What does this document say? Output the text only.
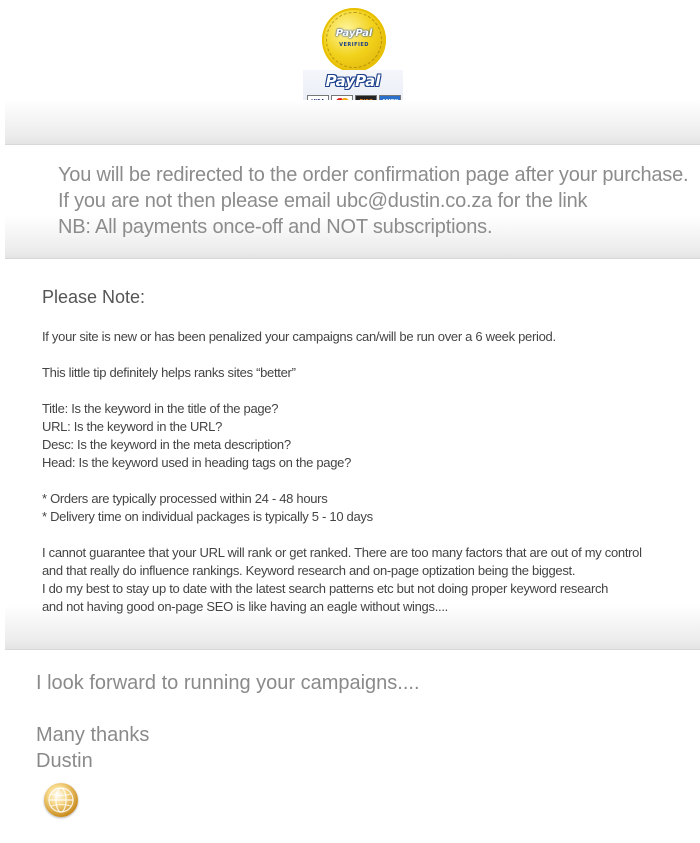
PayPal
VERIFIED
PayPal

You will be redirected to the order confirmation page after your purchase.

If you are not then please email ubc@dustin.co.za for the link

NB: All payments once-off and NOT subscriptions.

Please Note:

If your site is new or has been penalized your campaigns can/will be run over a 6 week period.

This little tip definitely helps ranks sites “better”

Title: Is the keyword in the title of the page?

URL: Is the keyword in the URL?

Desc: Is the keyword in the meta description?

Head: Is the keyword used in heading tags on the page?

* Orders are typically processed within 24 - 48 hours

* Delivery time on individual packages is typically 5 - 10 days

I cannot guarantee that your URL will rank or get ranked. There are too many factors that are out of my control

and that really do influence rankings. Keyword research and on-page optization being the biggest.

I do my best to stay up to date with the latest search patterns etc but not doing proper keyword research

and not having good on-page SEO is like having an eagle without wings....

I look forward to running your campaigns....

Many thanks

Dustin
